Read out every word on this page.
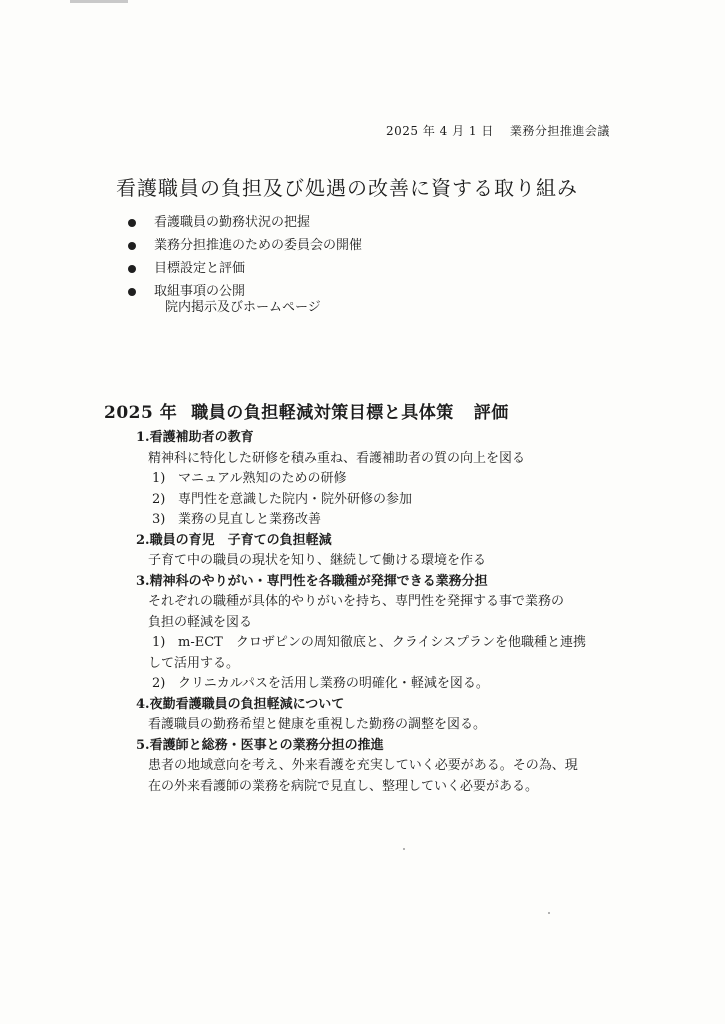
2025 年 4 月 1 日 業務分担推進会議
看護職員の負担及び処遇の改善に資する取り組み
看護職員の勤務状況の把握
業務分担推進のための委員会の開催
目標設定と評価
取組事項の公開
院内掲示及びホームページ
2025 年 職員の負担軽減対策目標と具体策 評価
1.看護補助者の教育
精神科に特化した研修を積み重ね、看護補助者の質の向上を図る
1) マニュアル熟知のための研修
2) 専門性を意識した院内・院外研修の参加
3) 業務の見直しと業務改善
2.職員の育児　子育ての負担軽減
子育て中の職員の現状を知り、継続して働ける環境を作る
3.精神科のやりがい・専門性を各職種が発揮できる業務分担
それぞれの職種が具体的やりがいを持ち、専門性を発揮する事で業務の
負担の軽減を図る
1) m-ECT　クロザピンの周知徹底と、クライシスプランを他職種と連携
して活用する。
2) クリニカルパスを活用し業務の明確化・軽減を図る。
4.夜勤看護職員の負担軽減について
看護職員の勤務希望と健康を重視した勤務の調整を図る。
5.看護師と総務・医事との業務分担の推進
患者の地域意向を考え、外来看護を充実していく必要がある。その為、現
在の外来看護師の業務を病院で見直し、整理していく必要がある。
